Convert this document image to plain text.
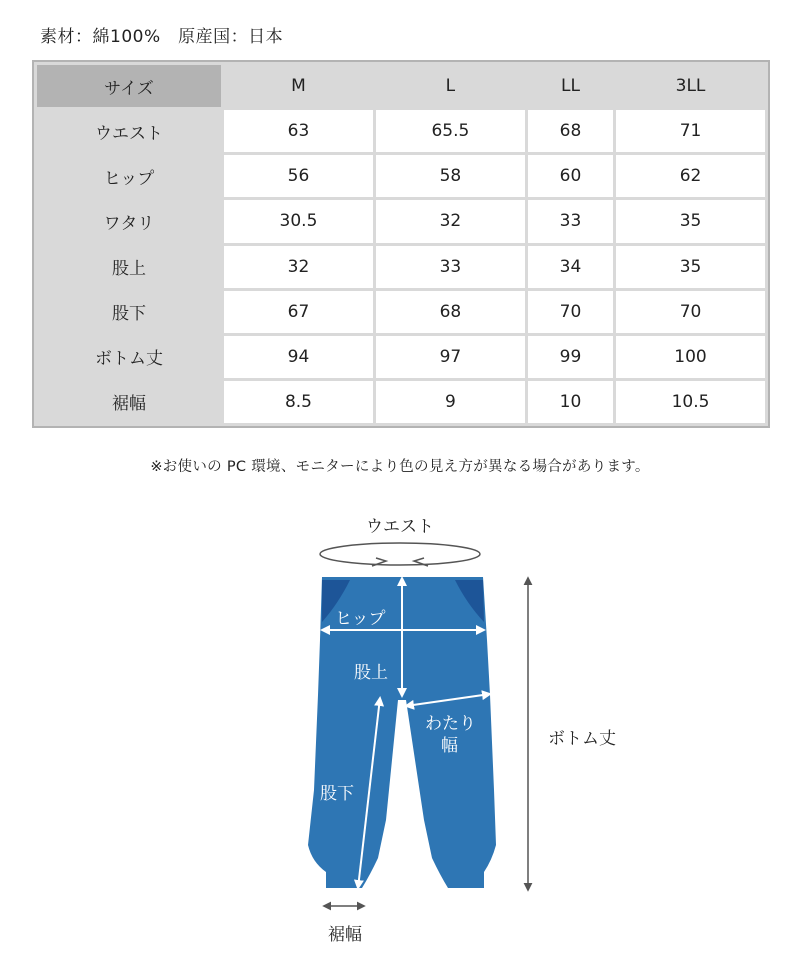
素材：綿100%　原産国：日本
サイズ	M	L	LL	3LL
ウエスト	63	65.5	68	71
ヒップ	56	58	60	62
ワタリ	30.5	32	33	35
股上	32	33	34	35
股下	67	68	70	70
ボトム丈	94	97	99	100
裾幅	8.5	9	10	10.5
※お使いの PC 環境、モニターにより色の見え方が異なる場合があります。
ウエスト
ヒップ
股上
わたり
幅
股下
ボトム丈
裾幅
